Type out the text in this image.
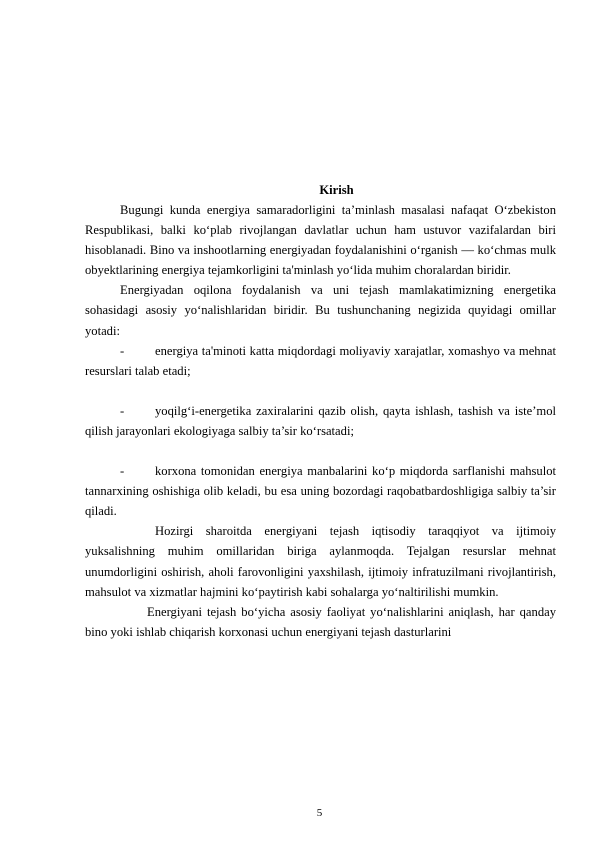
Kirish

Bugungi kunda energiya samaradorligini ta’minlash masalasi nafaqat O‘zbekiston Respublikasi, balki ko‘plab rivojlangan davlatlar uchun ham ustuvor vazifalardan biri hisoblanadi. Bino va inshootlarning energiyadan foydalanishini o‘rganish — ko‘chmas mulk obyektlarining energiya tejamkorligini ta'minlash yo‘lida muhim choralardan biridir.

Energiyadan oqilona foydalanish va uni tejash mamlakatimizning energetika sohasidagi asosiy yo‘nalishlaridan biridir. Bu tushunchaning negizida quyidagi omillar yotadi:

- energiya ta'minoti katta miqdordagi moliyaviy xarajatlar, xomashyo va mehnat resurslari talab etadi;

- yoqilg‘i-energetika zaxiralarini qazib olish, qayta ishlash, tashish va iste’mol qilish jarayonlari ekologiyaga salbiy ta’sir ko‘rsatadi;

- korxona tomonidan energiya manbalarini ko‘p miqdorda sarflanishi mahsulot tannarxining oshishiga olib keladi, bu esa uning bozordagi raqobatbardoshligiga salbiy ta’sir qiladi.

Hozirgi sharoitda energiyani tejash iqtisodiy taraqqiyot va ijtimoiy yuksalishning muhim omillaridan biriga aylanmoqda. Tejalgan resurslar mehnat unumdorligini oshirish, aholi farovonligini yaxshilash, ijtimoiy infratuzilmani rivojlantirish, mahsulot va xizmatlar hajmini ko‘paytirish kabi sohalarga yo‘naltirilishi mumkin.

Energiyani tejash bo‘yicha asosiy faoliyat yo‘nalishlarini aniqlash, har qanday bino yoki ishlab chiqarish korxonasi uchun energiyani tejash dasturlarini

5
